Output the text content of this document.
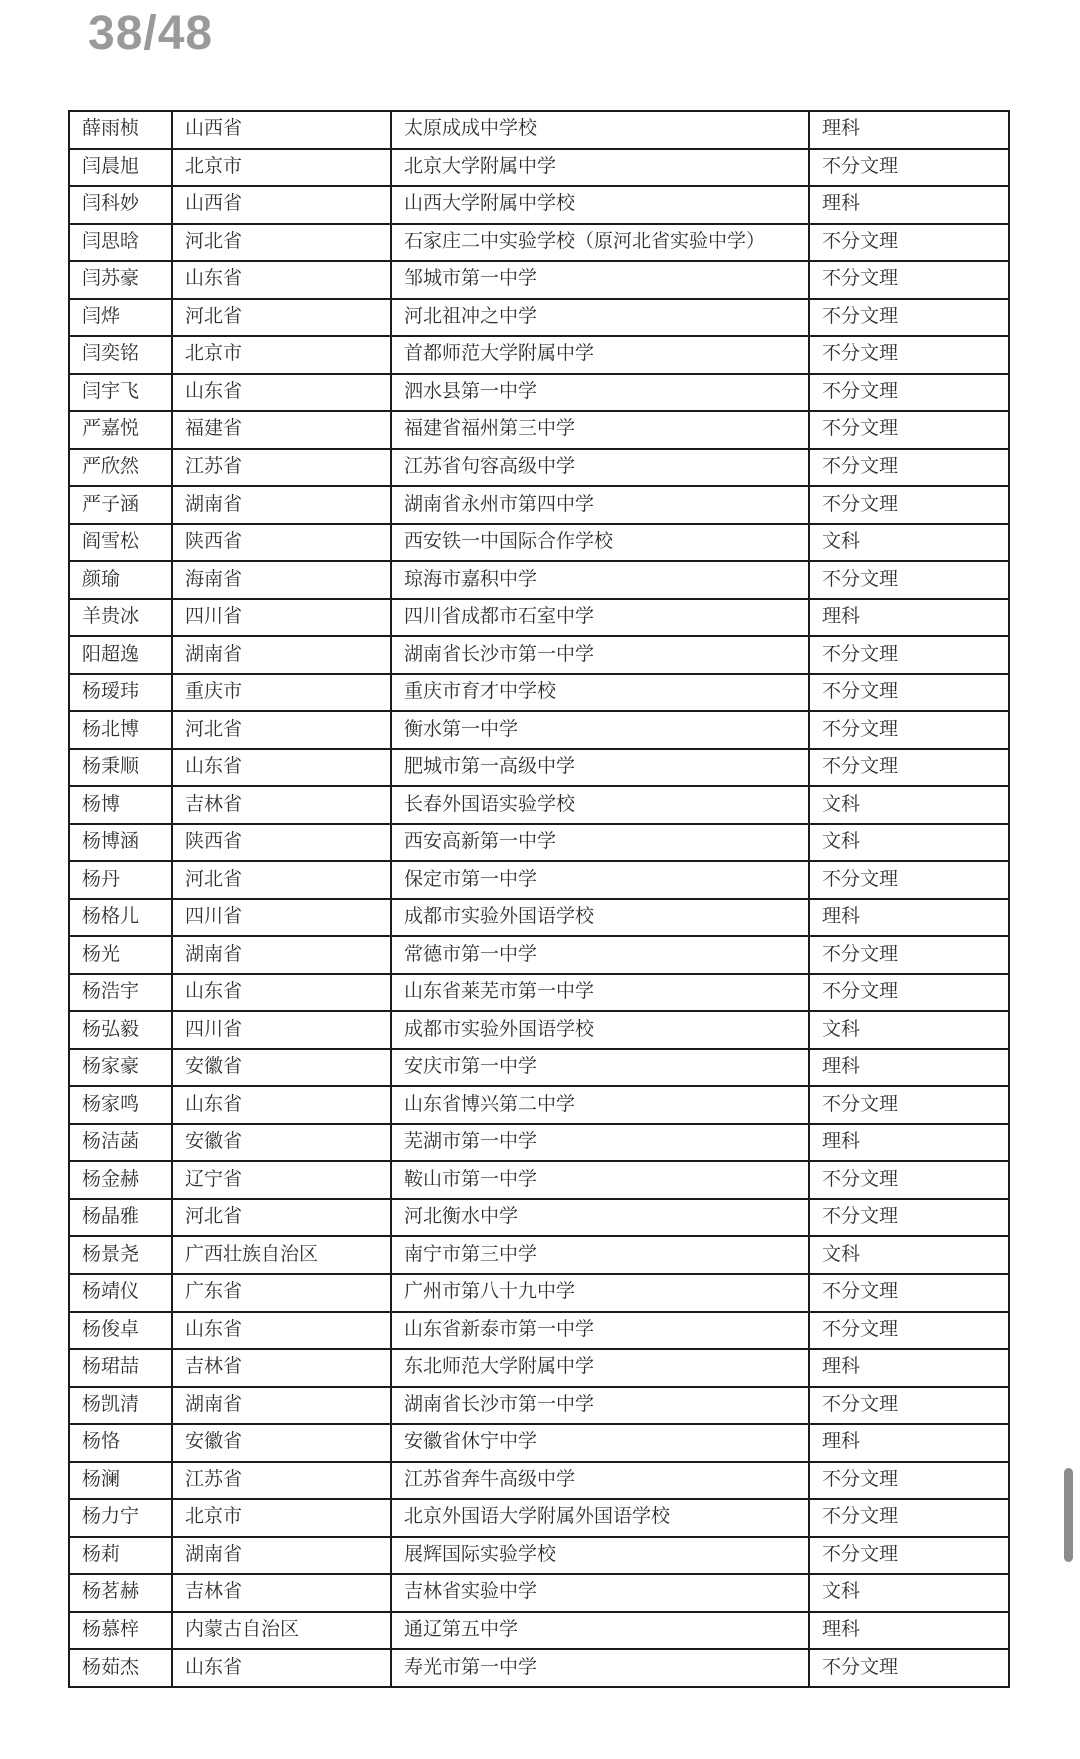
38/48
薛雨桢	山西省	太原成成中学校	理科
闫晨旭	北京市	北京大学附属中学	不分文理
闫科妙	山西省	山西大学附属中学校	理科
闫思晗	河北省	石家庄二中实验学校（原河北省实验中学）	不分文理
闫苏豪	山东省	邹城市第一中学	不分文理
闫烨	河北省	河北祖冲之中学	不分文理
闫奕铭	北京市	首都师范大学附属中学	不分文理
闫宇飞	山东省	泗水县第一中学	不分文理
严嘉悦	福建省	福建省福州第三中学	不分文理
严欣然	江苏省	江苏省句容高级中学	不分文理
严子涵	湖南省	湖南省永州市第四中学	不分文理
阎雪松	陕西省	西安铁一中国际合作学校	文科
颜瑜	海南省	琼海市嘉积中学	不分文理
羊贵冰	四川省	四川省成都市石室中学	理科
阳超逸	湖南省	湖南省长沙市第一中学	不分文理
杨瑷玮	重庆市	重庆市育才中学校	不分文理
杨北博	河北省	衡水第一中学	不分文理
杨秉顺	山东省	肥城市第一高级中学	不分文理
杨博	吉林省	长春外国语实验学校	文科
杨博涵	陕西省	西安高新第一中学	文科
杨丹	河北省	保定市第一中学	不分文理
杨格儿	四川省	成都市实验外国语学校	理科
杨光	湖南省	常德市第一中学	不分文理
杨浩宇	山东省	山东省莱芜市第一中学	不分文理
杨弘毅	四川省	成都市实验外国语学校	文科
杨家豪	安徽省	安庆市第一中学	理科
杨家鸣	山东省	山东省博兴第二中学	不分文理
杨洁菡	安徽省	芜湖市第一中学	理科
杨金赫	辽宁省	鞍山市第一中学	不分文理
杨晶雅	河北省	河北衡水中学	不分文理
杨景尧	广西壮族自治区	南宁市第三中学	文科
杨靖仪	广东省	广州市第八十九中学	不分文理
杨俊卓	山东省	山东省新泰市第一中学	不分文理
杨珺喆	吉林省	东北师范大学附属中学	理科
杨凯清	湖南省	湖南省长沙市第一中学	不分文理
杨恪	安徽省	安徽省休宁中学	理科
杨澜	江苏省	江苏省奔牛高级中学	不分文理
杨力宁	北京市	北京外国语大学附属外国语学校	不分文理
杨莉	湖南省	展辉国际实验学校	不分文理
杨茗赫	吉林省	吉林省实验中学	文科
杨慕梓	内蒙古自治区	通辽第五中学	理科
杨茹杰	山东省	寿光市第一中学	不分文理
